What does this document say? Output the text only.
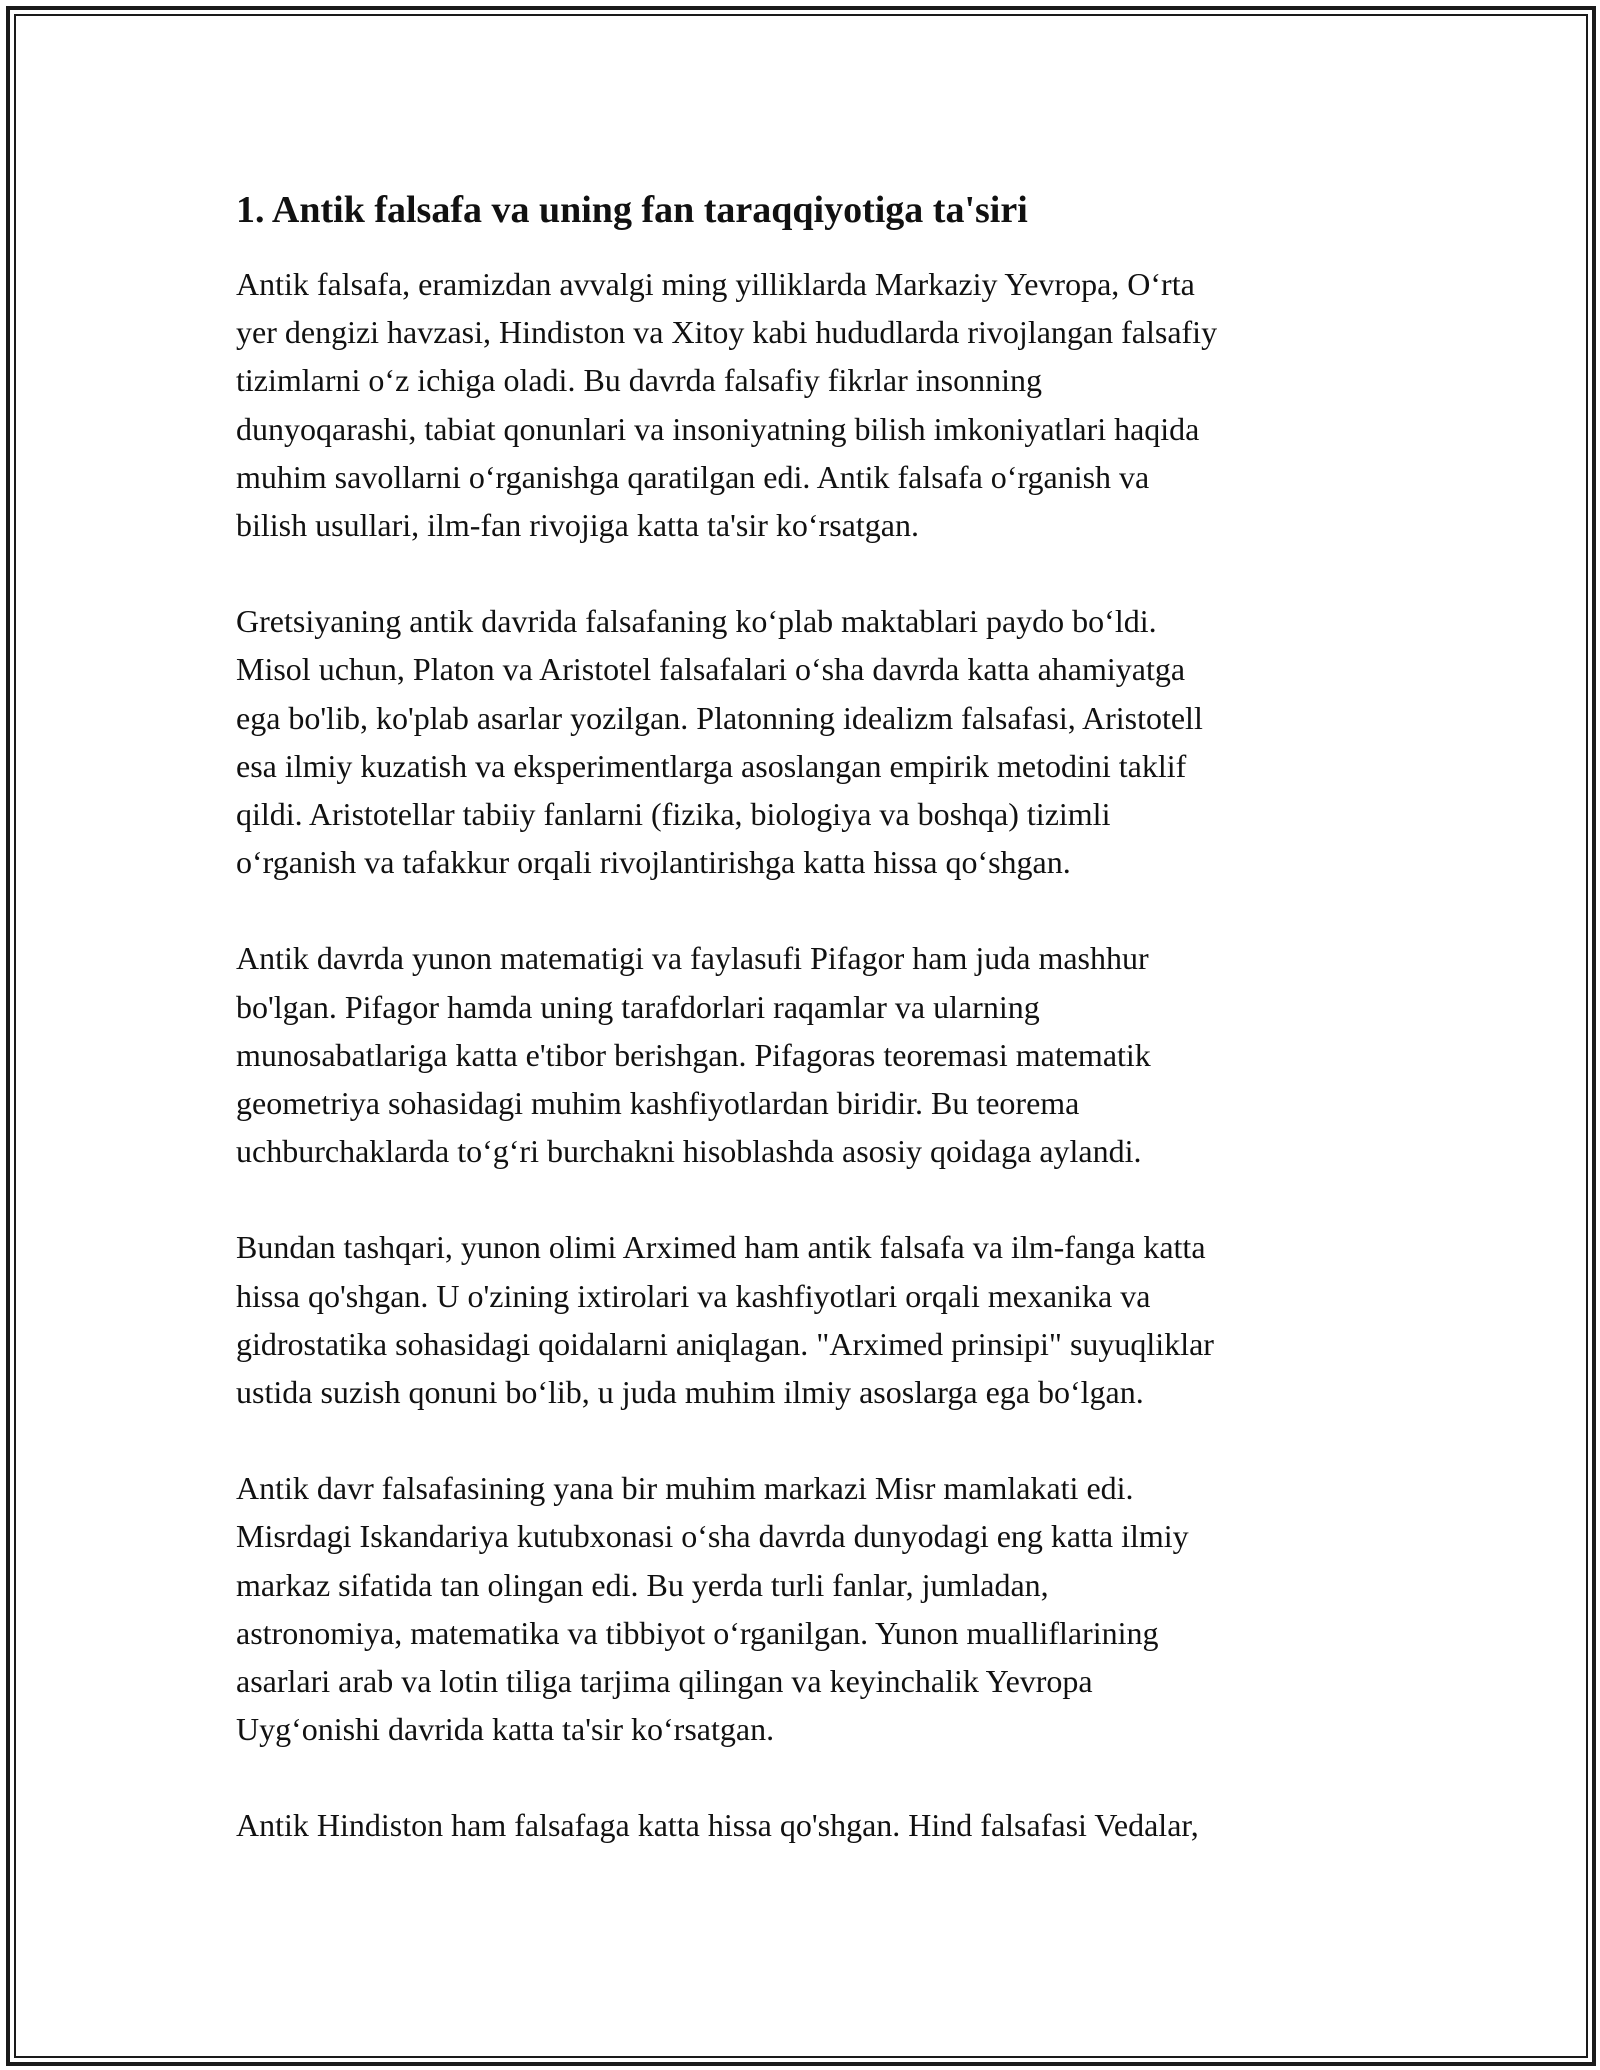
1. Antik falsafa va uning fan taraqqiyotiga ta'siri

Antik falsafa, eramizdan avvalgi ming yilliklarda Markaziy Yevropa, O‘rta
yer dengizi havzasi, Hindiston va Xitoy kabi hududlarda rivojlangan falsafiy
tizimlarni o‘z ichiga oladi. Bu davrda falsafiy fikrlar insonning
dunyoqarashi, tabiat qonunlari va insoniyatning bilish imkoniyatlari haqida
muhim savollarni o‘rganishga qaratilgan edi. Antik falsafa o‘rganish va
bilish usullari, ilm-fan rivojiga katta ta'sir ko‘rsatgan.

Gretsiyaning antik davrida falsafaning ko‘plab maktablari paydo bo‘ldi.
Misol uchun, Platon va Aristotel falsafalari o‘sha davrda katta ahamiyatga
ega bo'lib, ko'plab asarlar yozilgan. Platonning idealizm falsafasi, Aristotell
esa ilmiy kuzatish va eksperimentlarga asoslangan empirik metodini taklif
qildi. Aristotellar tabiiy fanlarni (fizika, biologiya va boshqa) tizimli
o‘rganish va tafakkur orqali rivojlantirishga katta hissa qo‘shgan.

Antik davrda yunon matematigi va faylasufi Pifagor ham juda mashhur
bo'lgan. Pifagor hamda uning tarafdorlari raqamlar va ularning
munosabatlariga katta e'tibor berishgan. Pifagoras teoremasi matematik
geometriya sohasidagi muhim kashfiyotlardan biridir. Bu teorema
uchburchaklarda to‘g‘ri burchakni hisoblashda asosiy qoidaga aylandi.

Bundan tashqari, yunon olimi Arximed ham antik falsafa va ilm-fanga katta
hissa qo'shgan. U o'zining ixtirolari va kashfiyotlari orqali mexanika va
gidrostatika sohasidagi qoidalarni aniqlagan. "Arximed prinsipi" suyuqliklar
ustida suzish qonuni bo‘lib, u juda muhim ilmiy asoslarga ega bo‘lgan.

Antik davr falsafasining yana bir muhim markazi Misr mamlakati edi.
Misrdagi Iskandariya kutubxonasi o‘sha davrda dunyodagi eng katta ilmiy
markaz sifatida tan olingan edi. Bu yerda turli fanlar, jumladan,
astronomiya, matematika va tibbiyot o‘rganilgan. Yunon mualliflarining
asarlari arab va lotin tiliga tarjima qilingan va keyinchalik Yevropa
Uyg‘onishi davrida katta ta'sir ko‘rsatgan.

Antik Hindiston ham falsafaga katta hissa qo'shgan. Hind falsafasi Vedalar,
